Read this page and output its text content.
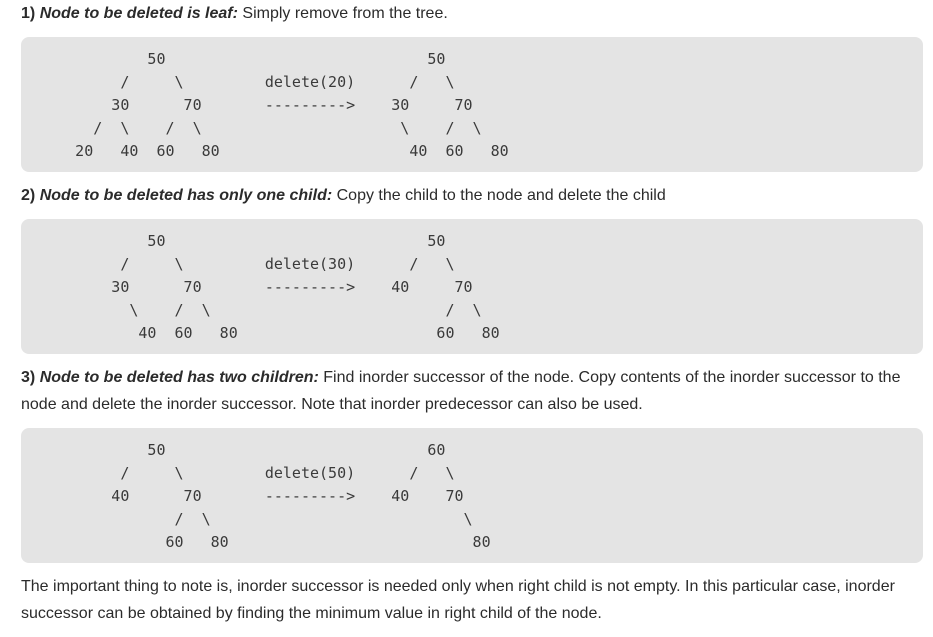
1) Node to be deleted is leaf: Simply remove from the tree.

50                             50
/     \         delete(20)      /   \
30      70       --------->    30     70
/  \    /  \                      \    /  \
20   40  60   80                     40  60   80

2) Node to be deleted has only one child: Copy the child to the node and delete the child

50                             50
/     \         delete(30)      /   \
30      70       --------->    40     70
\    /  \                          /  \
40  60   80                      60   80

3) Node to be deleted has two children: Find inorder successor of the node. Copy contents of the inorder successor to the node and delete the inorder successor. Note that inorder predecessor can also be used.

50                             60
/     \         delete(50)      /   \
40      70       --------->    40    70
/  \                            \
60   80                           80

The important thing to note is, inorder successor is needed only when right child is not empty. In this particular case, inorder successor can be obtained by finding the minimum value in right child of the node.
